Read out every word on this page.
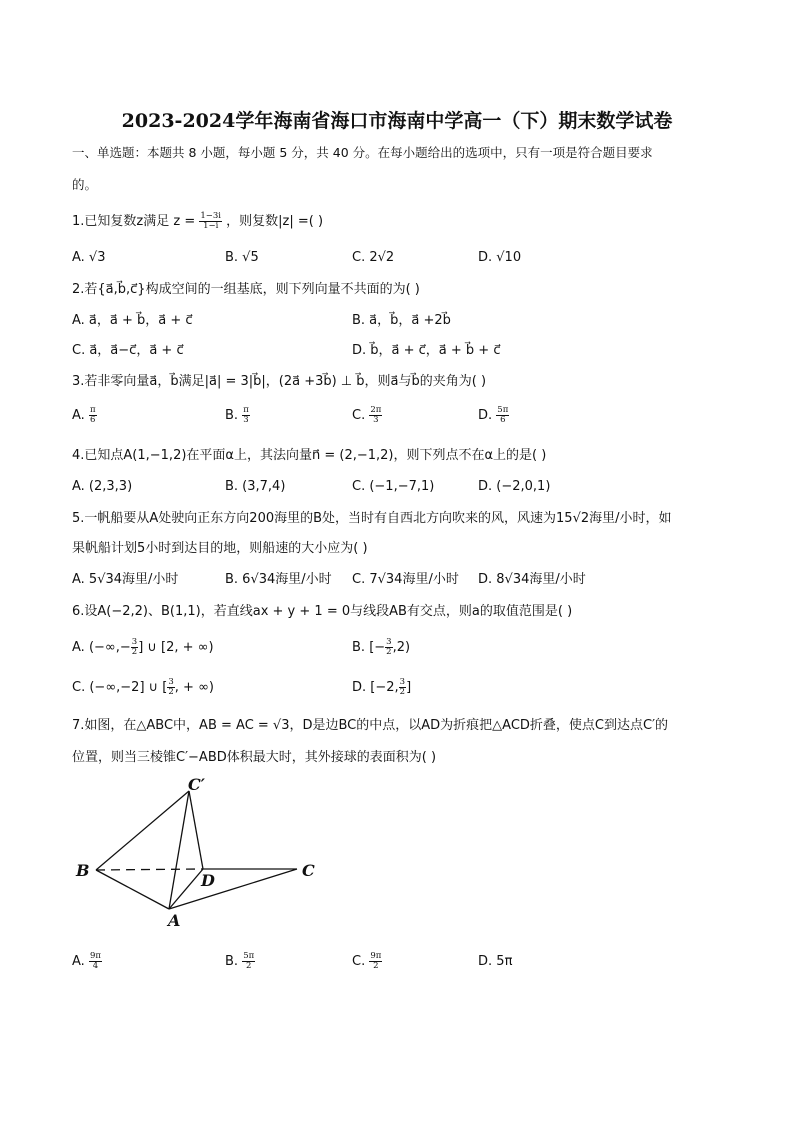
2023-2024学年海南省海口市海南中学高一（下）期末数学试卷
一、单选题：本题共 8 小题，每小题 5 分，共 40 分。在每小题给出的选项中，只有一项是符合题目要求
的。
1.已知复数z满足 $z = \frac{1-3i}{1-i}$ ，则复数|z| =( )
A. √3	B. √5	C. 2√2	D. √10
2.若{a⃗,b⃗,c⃗}构成空间的一组基底，则下列向量不共面的为( )
A. a⃗，a⃗ + b⃗，a⃗ + c⃗	B. a⃗，b⃗，a⃗ +2b⃗
C. a⃗，a⃗−c⃗，a⃗ + c⃗	D. b⃗，a⃗ + c⃗，a⃗ + b⃗ + c⃗
3.若非零向量a⃗，b⃗满足|a⃗| = 3|b⃗|，(2a⃗ +3b⃗) ⊥ b⃗，则a⃗与b⃗的夹角为( )
A. $\frac{\pi}{6}$	B. $\frac{\pi}{3}$	C. $\frac{2\pi}{3}$	D. $\frac{5\pi}{6}$
4.已知点A(1,−1,2)在平面α上，其法向量n⃗ = (2,−1,2)，则下列点不在α上的是( )
A. (2,3,3)	B. (3,7,4)	C. (−1,−7,1)	D. (−2,0,1)
5.一帆船要从A处驶向正东方向200海里的B处，当时有自西北方向吹来的风，风速为15√2海里/小时，如
果帆船计划5小时到达目的地，则船速的大小应为( )
A. 5√34海里/小时	B. 6√34海里/小时 C. 7√34海里/小时 D. 8√34海里/小时
6.设A(−2,2)、B(1,1)，若直线ax + y + 1 = 0与线段AB有交点，则a的取值范围是( )
A. (−∞,− $\frac{3}{2}$ ] ∪ [2, + ∞)	B. [− $\frac{3}{2} ,2$)
C. (−∞,−2] ∪ [ $\frac{3}{2}$ , + ∞)	D. [−2, $\frac{3}{2}$ ]
7.如图，在△ABC中，AB = AC = √3，D是边BC的中点，以AD为折痕把△ACD折叠，使点C到达点C′的
位置，则当三棱锥C′−ABD体积最大时，其外接球的表面积为( )
C′
B
D
C
A
A. $\frac{9\pi}{4}$	B. $\frac{5\pi}{2}$	C. $\frac{9\pi}{2}$	D. 5π
